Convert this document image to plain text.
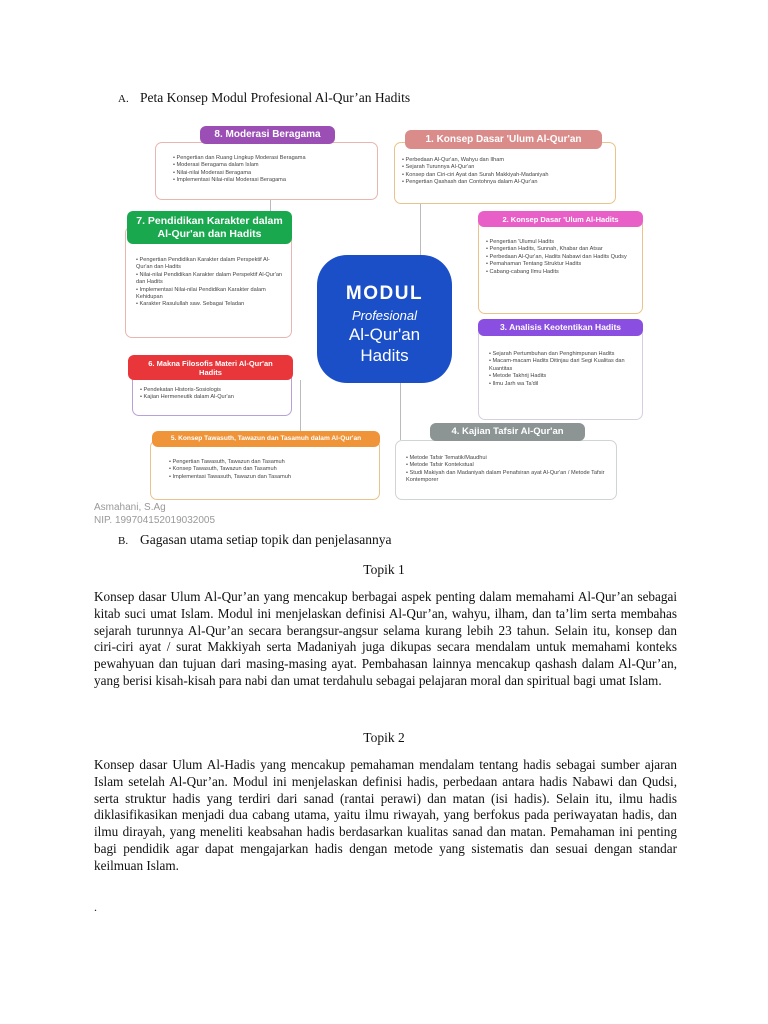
A. Peta Konsep Modul Profesional Al-Qur’an Hadits
• Pengertian dan Ruang Lingkup Moderasi Beragama
• Moderasi Beragama dalam Islam
• Nilai-nilai Moderasi Beragama
• Implementasi Nilai-nilai Moderasi Beragama
8. Moderasi Beragama
• Perbedaan Al-Qur'an, Wahyu dan Ilham
• Sejarah Turunnya Al-Qur'an
• Konsep dan Ciri-ciri Ayat dan Surah Makkiyah-Madaniyah
• Pengertian Qashash dan Contohnya dalam Al-Qur'an
1. Konsep Dasar 'Ulum Al-Qur'an
• Pengertian Pendidikan Karakter dalam Perspektif Al-Qur'an dan Hadits
• Nilai-nilai Pendidikan Karakter dalam Perspektif Al-Qur'an dan Hadits
• Implementasi Nilai-nilai Pendidikan Karakter dalam Kehidupan
• Karakter Rasulullah saw. Sebagai Teladan
7. Pendidikan Karakter dalam Al-Qur'an dan Hadits
• Pengertian 'Ulumul Hadits
• Pengertian Hadits, Sunnah, Khabar dan Atsar
• Perbedaan Al-Qur'an, Hadits Nabawi dan Hadits Qudsy
• Pemahaman Tentang Struktur Hadits
• Cabang-cabang Ilmu Hadits
2. Konsep Dasar 'Ulum Al-Hadits
• Sejarah Pertumbuhan dan Penghimpunan Hadits
• Macam-macam Hadits Ditinjau dari Segi Kualitas dan Kuantitas
• Metode Takhrij Hadits
• Ilmu Jarh wa Ta'dil
3. Analisis Keotentikan Hadits
• Pendekatan Historis-Sosiologis
• Kajian Hermeneutik dalam Al-Qur'an
6. Makna Filosofis Materi Al-Qur'an Hadits
• Metode Tafsir Tematik/Maudhui
• Metode Tafsir Kontekstual
• Studi Makiyah dan Madaniyah dalam Penafsiran ayat Al-Qur'an / Metode Tafsir Kontemporer
4. Kajian Tafsir Al-Qur'an
• Pengertian Tawasuth, Tawazun dan Tasamuh
• Konsep Tawasuth, Tawazun dan Tasamuh
• Implementasi Tawasuth, Tawazun dan Tasamuh
5. Konsep Tawasuth, Tawazun dan Tasamuh dalam Al-Qur'an
MODUL
Profesional
Al-Qur'an
Hadits
Asmahani, S.Ag
NIP. 199704152019032005
B. Gagasan utama setiap topik dan penjelasannya
Topik 1
Konsep dasar Ulum Al-Qur’an yang mencakup berbagai aspek penting dalam memahami Al-Qur’an sebagai kitab suci umat Islam. Modul ini menjelaskan definisi Al-Qur’an, wahyu, ilham, dan ta’lim serta membahas sejarah turunnya Al-Qur’an secara berangsur-angsur selama kurang lebih 23 tahun. Selain itu, konsep dan ciri-ciri ayat / surat Makkiyah serta Madaniyah juga dikupas secara mendalam untuk memahami konteks pewahyuan dan tujuan dari masing-masing ayat. Pembahasan lainnya mencakup qashash dalam Al-Qur’an, yang berisi kisah-kisah para nabi dan umat terdahulu sebagai pelajaran moral dan spiritual bagi umat Islam.
Topik 2
Konsep dasar Ulum Al-Hadis yang mencakup pemahaman mendalam tentang hadis sebagai sumber ajaran Islam setelah Al-Qur’an. Modul ini menjelaskan definisi hadis, perbedaan antara hadis Nabawi dan Qudsi, serta struktur hadis yang terdiri dari sanad (rantai perawi) dan matan (isi hadis). Selain itu, ilmu hadis diklasifikasikan menjadi dua cabang utama, yaitu ilmu riwayah, yang berfokus pada periwayatan hadis, dan ilmu dirayah, yang meneliti keabsahan hadis berdasarkan kualitas sanad dan matan. Pemahaman ini penting bagi pendidik agar dapat mengajarkan hadis dengan metode yang sistematis dan sesuai dengan standar keilmuan Islam.
.
